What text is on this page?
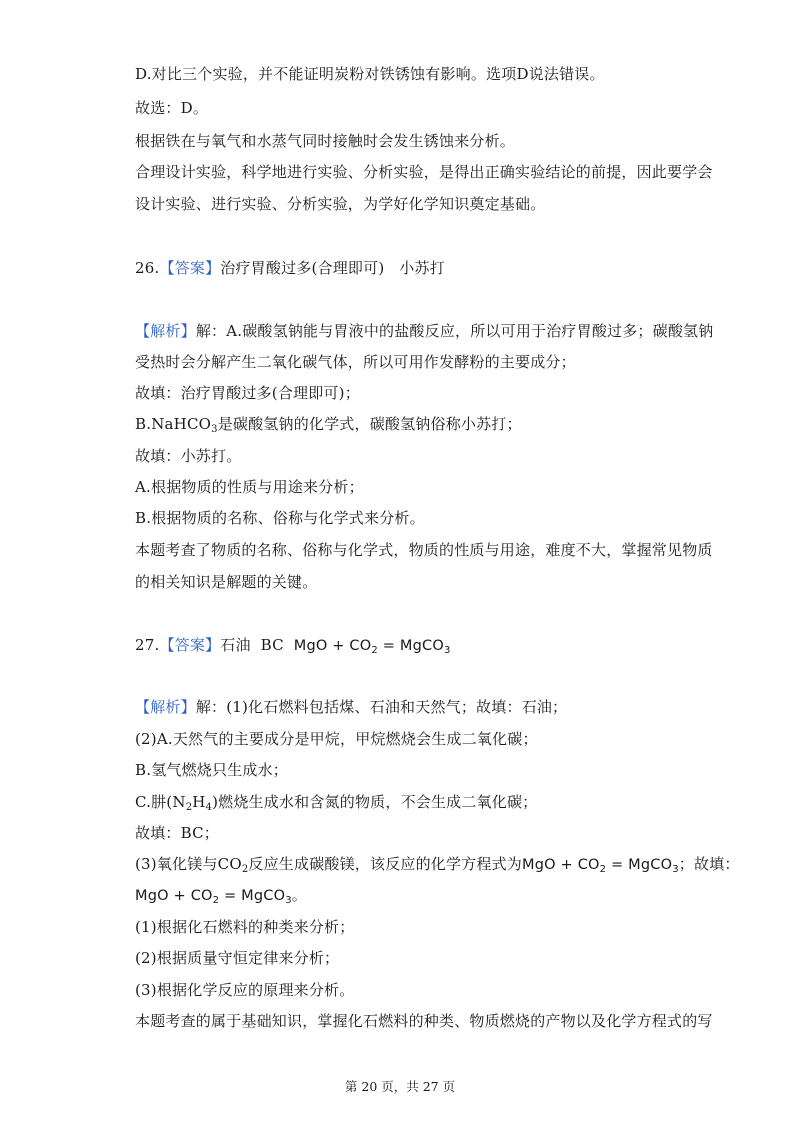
D.对比三个实验，并不能证明炭粉对铁锈蚀有影响。选项D说法错误。
故选：D。
根据铁在与氧气和水蒸气同时接触时会发生锈蚀来分析。
合理设计实验，科学地进行实验、分析实验，是得出正确实验结论的前提，因此要学会
设计实验、进行实验、分析实验，为学好化学知识奠定基础。
26.【答案】治疗胃酸过多(合理即可)   小苏打
【解析】解：A.碳酸氢钠能与胃液中的盐酸反应，所以可用于治疗胃酸过多；碳酸氢钠
受热时会分解产生二氧化碳气体，所以可用作发酵粉的主要成分；
故填：治疗胃酸过多(合理即可)；
B.NaHCO$_3$是碳酸氢钠的化学式，碳酸氢钠俗称小苏打；
故填：小苏打。
A.根据物质的性质与用途来分析；
B.根据物质的名称、俗称与化学式来分析。
本题考查了物质的名称、俗称与化学式，物质的性质与用途，难度不大，掌握常见物质
的相关知识是解题的关键。
27.【答案】石油  BC  MgO + $CO_2$ = MgCO$_3$
【解析】解：(1)化石燃料包括煤、石油和天然气；故填：石油；
(2)A.天然气的主要成分是甲烷，甲烷燃烧会生成二氧化碳；
B.氢气燃烧只生成水；
C.肼$(N_2H_4)$燃烧生成水和含氮的物质，不会生成二氧化碳；
故填：BC；
(3)氧化镁与$CO_2$反应生成碳酸镁，该反应的化学方程式为MgO + $CO_2$ = MgCO$_3$；故填：
MgO + $CO_2$ = MgCO$_3$。
(1)根据化石燃料的种类来分析；
(2)根据质量守恒定律来分析；
(3)根据化学反应的原理来分析。
本题考查的属于基础知识，掌握化石燃料的种类、物质燃烧的产物以及化学方程式的写
第 20 页，共 27 页
